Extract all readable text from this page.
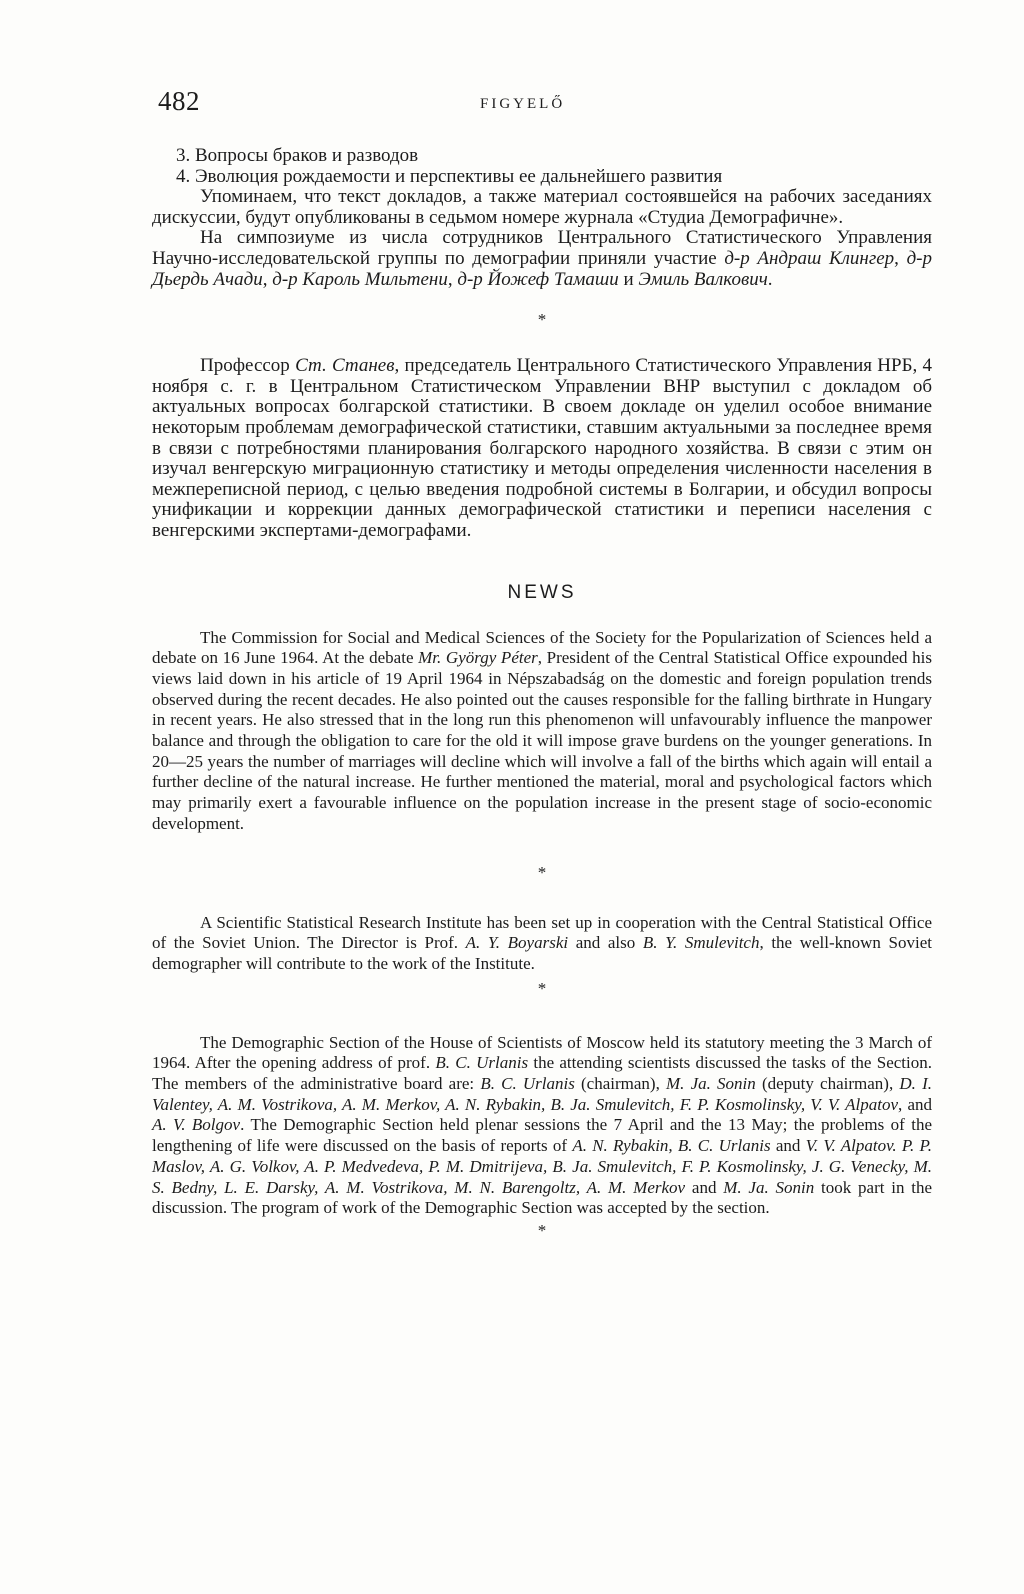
482	FIGYELŐ

3. Вопросы браков и разводов

4. Эволюция рождаемости и перспективы ее дальнейшего развития

Упоминаем, что текст докладов, а также материал состоявшейся на рабочих заседаниях дискуссии, будут опубликованы в седьмом номере журнала «Студиа Демографичне».

На симпозиуме из числа сотрудников Центрального Статистического Управления Научно-исследовательской группы по демографии приняли участие д-р Андраш Клингер, д-р Дьердь Ачади, д-р Кароль Мильтени, д-р Йожеф Тамаши и Эмиль Валкович.

*

Профессор Ст. Станев, председатель Центрального Статистического Управления НРБ, 4 ноября с. г. в Центральном Статистическом Управлении ВНР выступил с докладом об актуальных вопросах болгарской статистики. В своем докладе он уделил особое внимание некоторым проблемам демографической статистики, ставшим актуальными за последнее время в связи с потребностями планирования болгарского народного хозяйства. В связи с этим он изучал венгерскую миграционную статистику и методы определения численности населения в межпереписной период, с целью введения подробной системы в Болгарии, и обсудил вопросы унификации и коррекции данных демографической статистики и переписи населения с венгерскими экспертами-демографами.

NEWS

The Commission for Social and Medical Sciences of the Society for the Popularization of Sciences held a debate on 16 June 1964. At the debate Mr. György Péter, President of the Central Statistical Office expounded his views laid down in his article of 19 April 1964 in Népszabadság on the domestic and foreign population trends observed during the recent decades. He also pointed out the causes responsible for the falling birthrate in Hungary in recent years. He also stressed that in the long run this phenomenon will unfavourably influence the manpower balance and through the obligation to care for the old it will impose grave burdens on the younger generations. In 20—25 years the number of marriages will decline which will involve a fall of the births which again will entail a further decline of the natural increase. He further mentioned the material, moral and psychological factors which may primarily exert a favourable influence on the population increase in the present stage of socio-economic development.

*

A Scientific Statistical Research Institute has been set up in cooperation with the Central Statistical Office of the Soviet Union. The Director is Prof. A. Y. Boyarski and also B. Y. Smulevitch, the well-known Soviet demographer will contribute to the work of the Institute.

*

The Demographic Section of the House of Scientists of Moscow held its statutory meeting the 3 March of 1964. After the opening address of prof. B. C. Urlanis the attending scientists discussed the tasks of the Section. The members of the administrative board are: B. C. Urlanis (chairman), M. Ja. Sonin (deputy chairman), D. I. Valentey, A. M. Vostrikova, A. M. Merkov, A. N. Rybakin, B. Ja. Smulevitch, F. P. Kosmolinsky, V. V. Alpatov, and A. V. Bolgov. The Demographic Section held plenar sessions the 7 April and the 13 May; the problems of the lengthening of life were discussed on the basis of reports of A. N. Rybakin, B. C. Urlanis and V. V. Alpatov. P. P. Maslov, A. G. Volkov, A. P. Medvedeva, P. M. Dmitrijeva, B. Ja. Smulevitch, F. P. Kosmolinsky, J. G. Venecky, M. S. Bedny, L. E. Darsky, A. M. Vostrikova, M. N. Barengoltz, A. M. Merkov and M. Ja. Sonin took part in the discussion. The program of work of the Demographic Section was accepted by the section.

*
